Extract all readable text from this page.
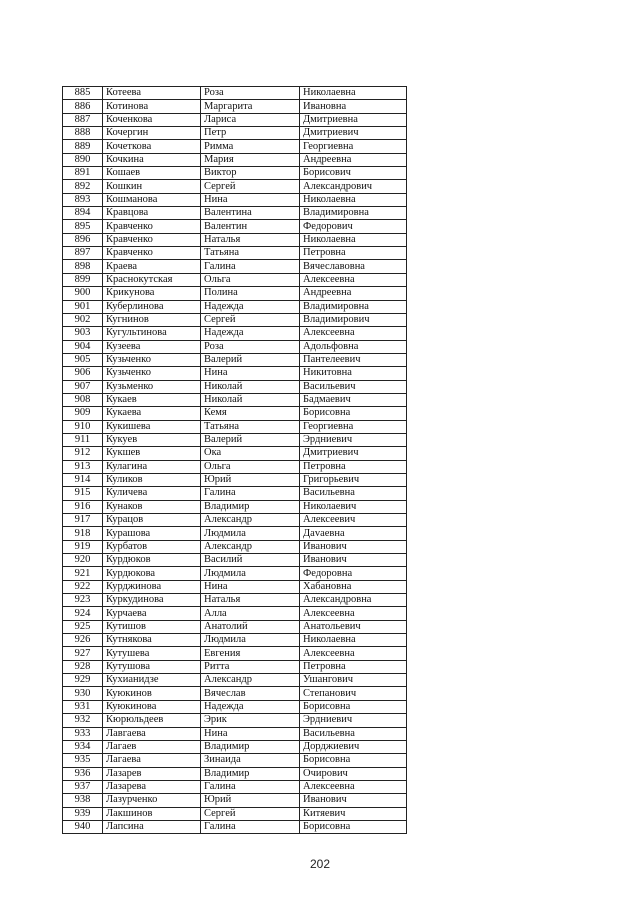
885	Котеева	Роза	Николаевна
886	Котинова	Маргарита	Ивановна
887	Коченкова	Лариса	Дмитриевна
888	Кочергин	Петр	Дмитриевич
889	Кочеткова	Римма	Георгиевна
890	Кочкина	Мария	Андреевна
891	Кошаев	Виктор	Борисович
892	Кошкин	Сергей	Александрович
893	Кошманова	Нина	Николаевна
894	Кравцова	Валентина	Владимировна
895	Кравченко	Валентин	Федорович
896	Кравченко	Наталья	Николаевна
897	Кравченко	Татьяна	Петровна
898	Краева	Галина	Вячеславовна
899	Краснокутская	Ольга	Алексеевна
900	Крикунова	Полина	Андреевна
901	Куберлинова	Надежда	Владимировна
902	Кугнинов	Сергей	Владимирович
903	Кугультинова	Надежда	Алексеевна
904	Кузеева	Роза	Адольфовна
905	Кузьченко	Валерий	Пантелеевич
906	Кузьченко	Нина	Никитовна
907	Кузьменко	Николай	Васильевич
908	Кукаев	Николай	Бадмаевич
909	Кукаева	Кемя	Борисовна
910	Кукишева	Татьяна	Георгиевна
911	Кукуев	Валерий	Эрдниевич
912	Кукшев	Ока	Дмитриевич
913	Кулагина	Ольга	Петровна
914	Куликов	Юрий	Григорьевич
915	Куличева	Галина	Васильевна
916	Кунаков	Владимир	Николаевич
917	Курацов	Александр	Алексеевич
918	Курашова	Людмила	Дavaевна
919	Курбатов	Александр	Иванович
920	Курдюков	Василий	Иванович
921	Курдюкова	Людмила	Федоровна
922	Курджинова	Нина	Хабановна
923	Куркудинова	Наталья	Александровна
924	Курчаева	Алла	Алексеевна
925	Кутишов	Анатолий	Анатольевич
926	Кутнякова	Людмила	Николаевна
927	Кутушева	Евгения	Алексеевна
928	Кутушова	Ритта	Петровна
929	Кухианидзе	Александр	Ушангович
930	Куюкинов	Вячеслав	Степанович
931	Куюкинова	Надежда	Борисовна
932	Кюрюльдеев	Эрик	Эрдниевич
933	Лавгаева	Нина	Васильевна
934	Лагаев	Владимир	Дорджиевич
935	Лагаева	Зинаида	Борисовна
936	Лазарев	Владимир	Очирович
937	Лазарева	Галина	Алексеевна
938	Лазурченко	Юрий	Иванович
939	Лакшинов	Сергей	Китяевич
940	Лапсина	Галина	Борисовна
202
